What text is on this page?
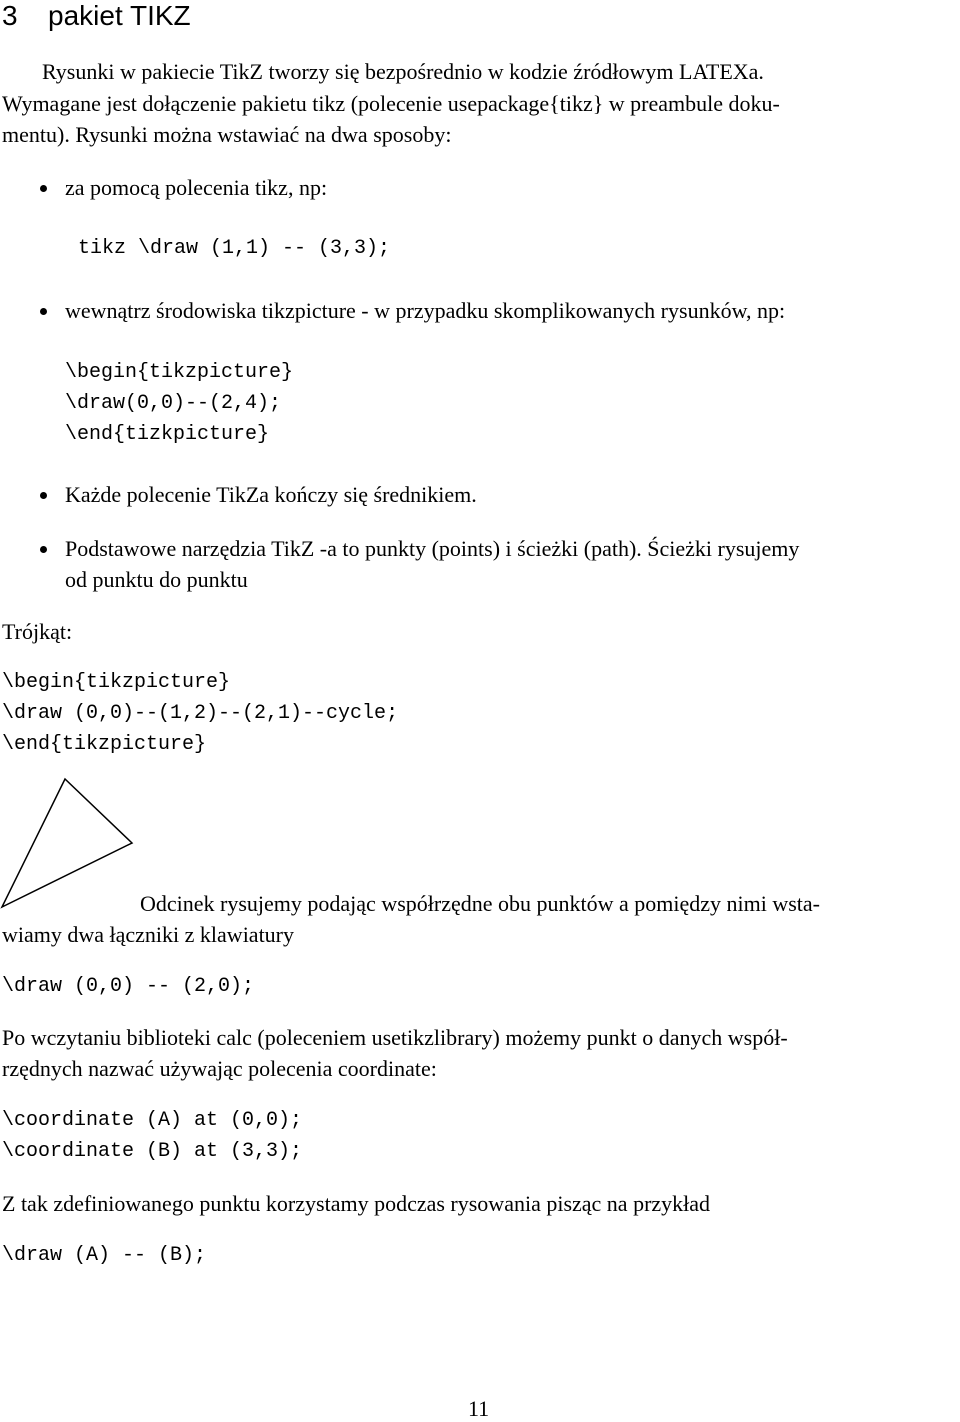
3 pakiet TIKZ
Rysunki w pakiecie TikZ tworzy się bezpośrednio w kodzie źródłowym LATEXa.
Wymagane jest dołączenie pakietu tikz (polecenie usepackage{tikz} w preambule doku-
mentu). Rysunki można wstawiać na dwa sposoby:
za pomocą polecenia tikz, np:
tikz \draw (1,1) -- (3,3);
wewnątrz środowiska tikzpicture - w przypadku skomplikowanych rysunków, np:
\begin{tikzpicture}
\draw(0,0)--(2,4);
\end{tizkpicture}
Każde polecenie TikZa kończy się średnikiem.
Podstawowe narzędzia TikZ -a to punkty (points) i ścieżki (path). Ścieżki rysujemy
od punktu do punktu
Trójkąt:
\begin{tikzpicture}
\draw (0,0)--(1,2)--(2,1)--cycle;
\end{tikzpicture}
Odcinek rysujemy podając współrzędne obu punktów a pomiędzy nimi wsta-
wiamy dwa łączniki z klawiatury
\draw (0,0) -- (2,0);
Po wczytaniu biblioteki calc (poleceniem usetikzlibrary) możemy punkt o danych współ-
rzędnych nazwać używając polecenia coordinate:
\coordinate (A) at (0,0);
\coordinate (B) at (3,3);
Z tak zdefiniowanego punktu korzystamy podczas rysowania pisząc na przykład
\draw (A) -- (B);
11
